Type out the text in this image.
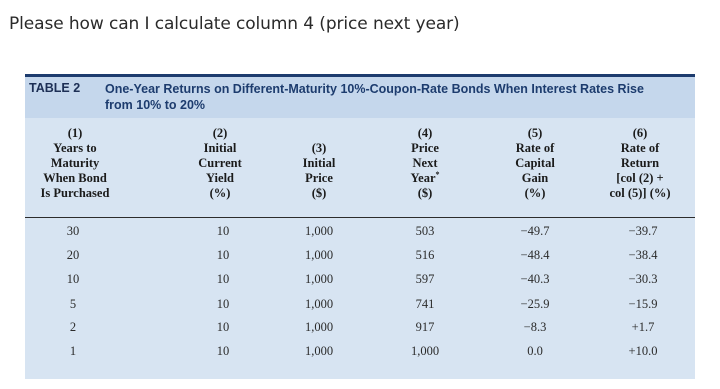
Please how can I calculate column 4 (price next year)
TABLE 2 One-Year Returns on Different-Maturity 10%-Coupon-Rate Bonds When Interest Rates Rise from 10% to 20%
(1)
Years to
Maturity
When Bond
Is Purchased
(2)
Initial
Current
Yield
(%)
(3)
Initial
Price
($)
(4)
Price
Next
Year*
($)
(5)
Rate of
Capital
Gain
(%)
(6)
Rate of
Return
[col (2) +
col (5)] (%)
30	10	1,000	503	−49.7	−39.7
20	10	1,000	516	−48.4	−38.4
10	10	1,000	597	−40.3	−30.3
5	10	1,000	741	−25.9	−15.9
2	10	1,000	917	−8.3	+1.7
1	10	1,000	1,000	0.0	+10.0
